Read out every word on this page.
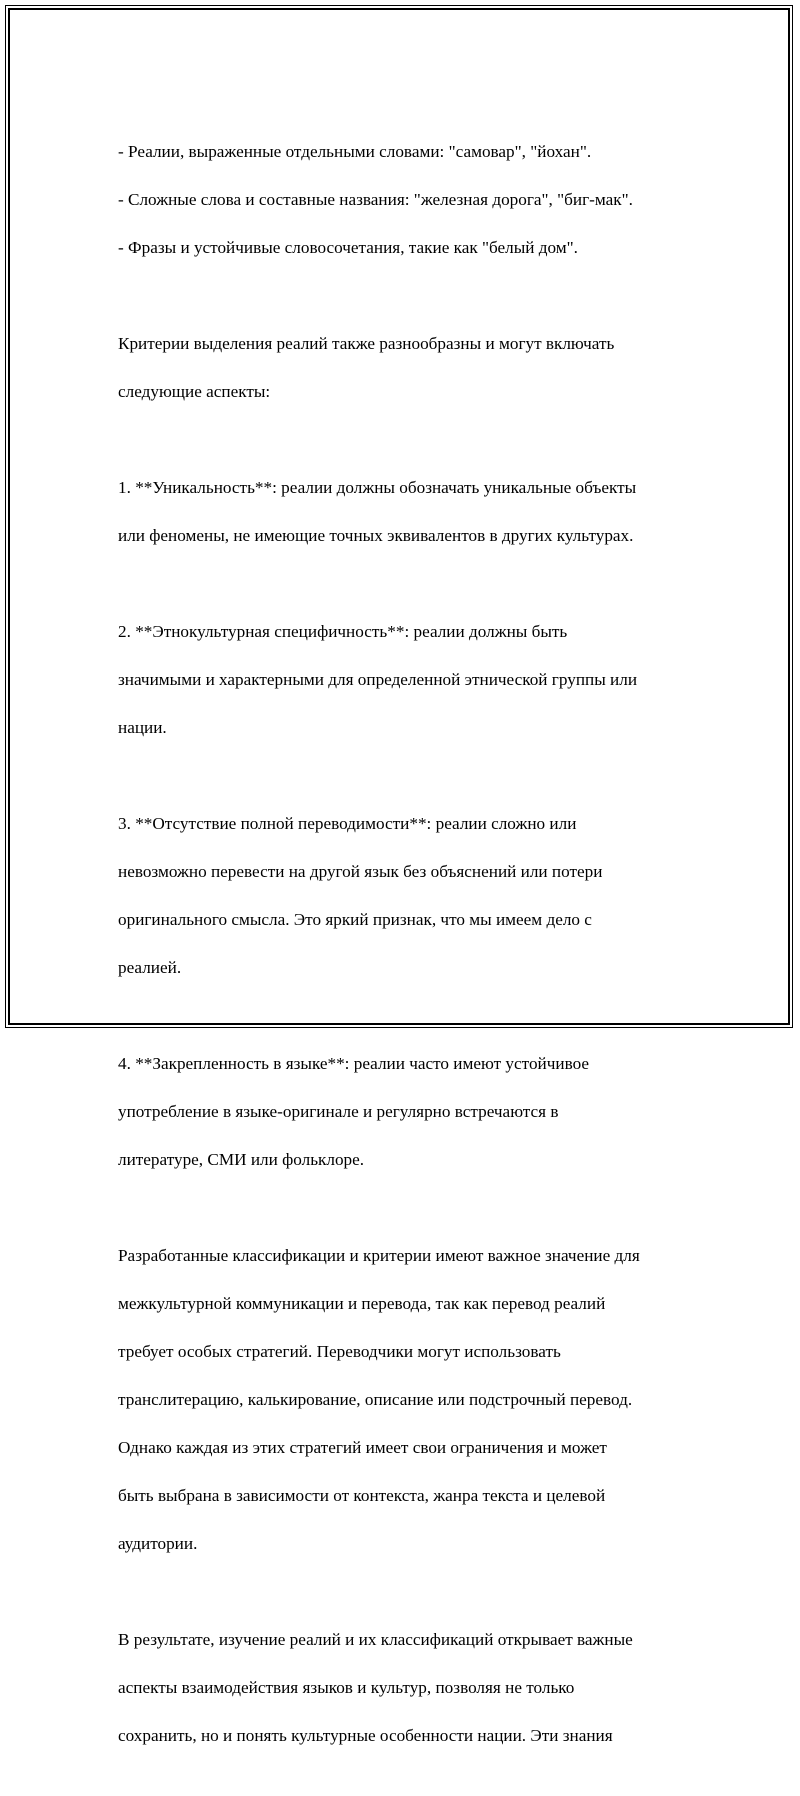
- Реалии, выраженные отдельными словами: "самовар", "йохан".

- Сложные слова и составные названия: "железная дорога", "биг-мак".

- Фразы и устойчивые словосочетания, такие как "белый дом".

Критерии выделения реалий также разнообразны и могут включать

следующие аспекты:

1. **Уникальность**: реалии должны обозначать уникальные объекты

или феномены, не имеющие точных эквивалентов в других культурах.

2. **Этнокультурная специфичность**: реалии должны быть

значимыми и характерными для определенной этнической группы или

нации.

3. **Отсутствие полной переводимости**: реалии сложно или

невозможно перевести на другой язык без объяснений или потери

оригинального смысла. Это яркий признак, что мы имеем дело с

реалией.

4. **Закрепленность в языке**: реалии часто имеют устойчивое

употребление в языке-оригинале и регулярно встречаются в

литературе, СМИ или фольклоре.

Разработанные классификации и критерии имеют важное значение для

межкультурной коммуникации и перевода, так как перевод реалий

требует особых стратегий. Переводчики могут использовать

транслитерацию, калькирование, описание или подстрочный перевод.

Однако каждая из этих стратегий имеет свои ограничения и может

быть выбрана в зависимости от контекста, жанра текста и целевой

аудитории.

В результате, изучение реалий и их классификаций открывает важные

аспекты взаимодействия языков и культур, позволяя не только

сохранить, но и понять культурные особенности нации. Эти знания
